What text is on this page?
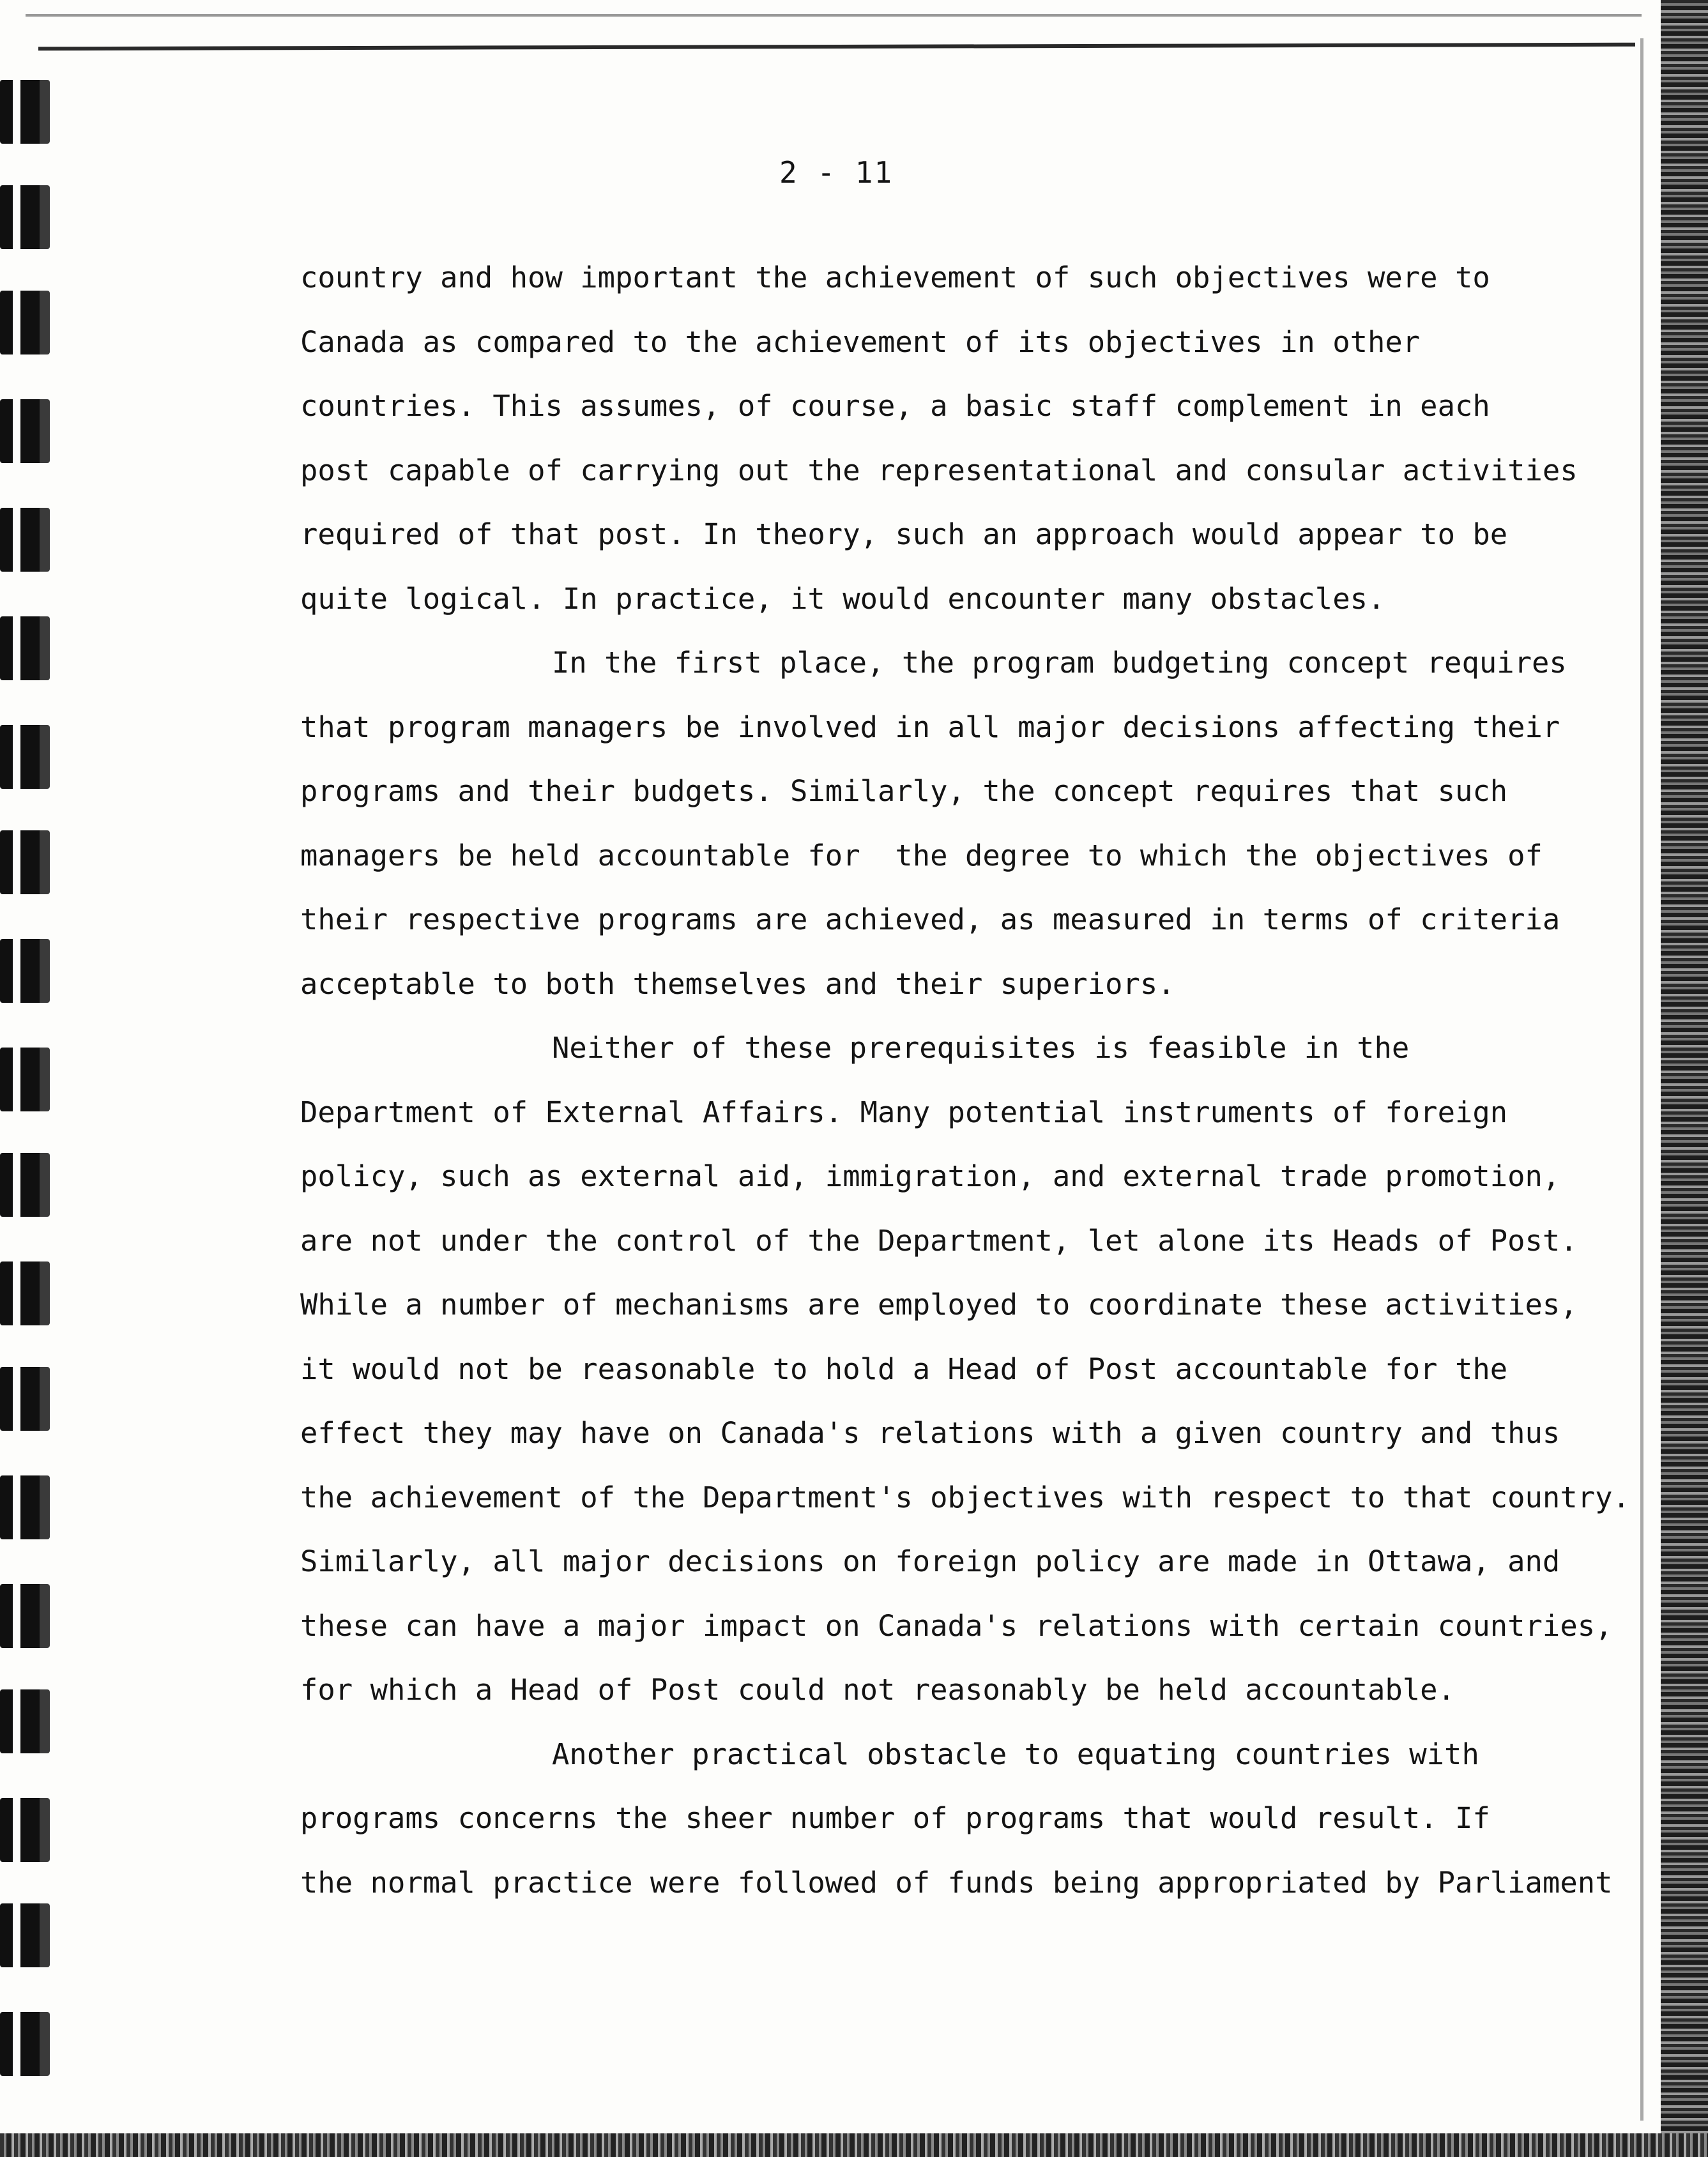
2 - 11
country and how important the achievement of such objectives were to
Canada as compared to the achievement of its objectives in other
countries. This assumes, of course, a basic staff complement in each
post capable of carrying out the representational and consular activities
required of that post. In theory, such an approach would appear to be
quite logical. In practice, it would encounter many obstacles.
In the first place, the program budgeting concept requires
that program managers be involved in all major decisions affecting their
programs and their budgets. Similarly, the concept requires that such
managers be held accountable for  the degree to which the objectives of
their respective programs are achieved, as measured in terms of criteria
acceptable to both themselves and their superiors.
Neither of these prerequisites is feasible in the
Department of External Affairs. Many potential instruments of foreign
policy, such as external aid, immigration, and external trade promotion,
are not under the control of the Department, let alone its Heads of Post.
While a number of mechanisms are employed to coordinate these activities,
it would not be reasonable to hold a Head of Post accountable for the
effect they may have on Canada's relations with a given country and thus
the achievement of the Department's objectives with respect to that country.
Similarly, all major decisions on foreign policy are made in Ottawa, and
these can have a major impact on Canada's relations with certain countries,
for which a Head of Post could not reasonably be held accountable.
Another practical obstacle to equating countries with
programs concerns the sheer number of programs that would result. If
the normal practice were followed of funds being appropriated by Parliament
